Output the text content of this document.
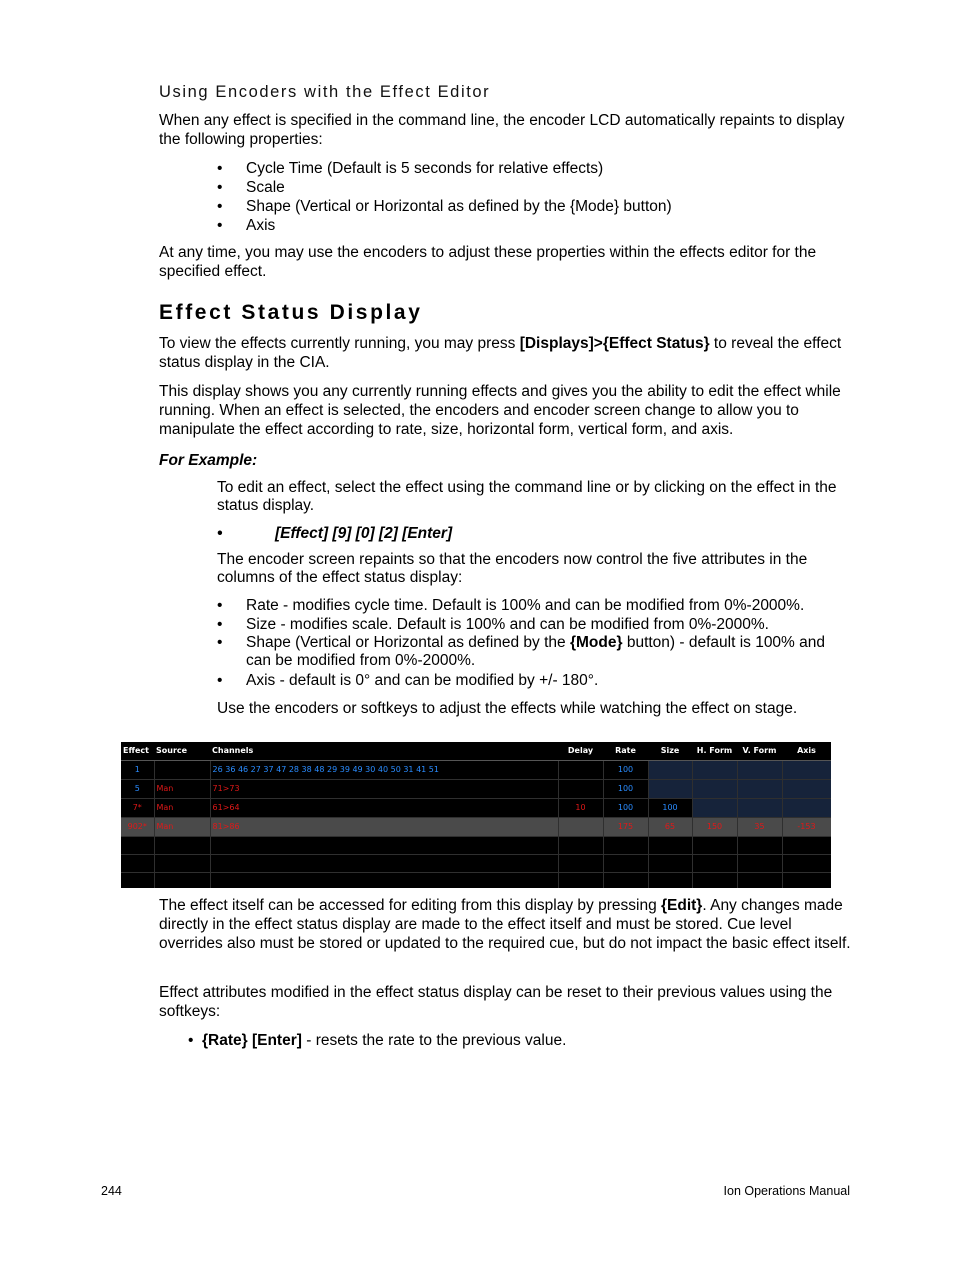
Using Encoders with the Effect Editor
When any effect is specified in the command line, the encoder LCD automatically repaints to display the following properties:
• Cycle Time (Default is 5 seconds for relative effects)
• Scale
• Shape (Vertical or Horizontal as defined by the {Mode} button)
• Axis
At any time, you may use the encoders to adjust these properties within the effects editor for the specified effect.
Effect Status Display
To view the effects currently running, you may press [Displays]>{Effect Status} to reveal the effect status display in the CIA.
This display shows you any currently running effects and gives you the ability to edit the effect while running. When an effect is selected, the encoders and encoder screen change to allow you to manipulate the effect according to rate, size, horizontal form, vertical form, and axis.
For Example:
To edit an effect, select the effect using the command line or by clicking on the effect in the status display.
• [Effect] [9] [0] [2] [Enter]
The encoder screen repaints so that the encoders now control the five attributes in the columns of the effect status display:
• Rate - modifies cycle time. Default is 100% and can be modified from 0%-2000%.
• Size - modifies scale. Default is 100% and can be modified from 0%-2000%.
• Shape (Vertical or Horizontal as defined by the {Mode} button) - default is 100% and can be modified from 0%-2000%.
• Axis - default is 0° and can be modified by +/- 180°.
Use the encoders or softkeys to adjust the effects while watching the effect on stage.
Effect	Source	Channels	Delay	Rate	Size	H. Form	V. Form	Axis
1		26 36 46 27 37 47 28 38 48 29 39 49 30 40 50 31 41 51		100				
5	Man	71>73		100				
7*	Man	61>64	10	100	100			
902*	Man	81>86		175	65	150	35	-153

The effect itself can be accessed for editing from this display by pressing {Edit}. Any changes made directly in the effect status display are made to the effect itself and must be stored. Cue level overrides also must be stored or updated to the required cue, but do not impact the basic effect itself.
Effect attributes modified in the effect status display can be reset to their previous values using the softkeys:
• {Rate} [Enter] - resets the rate to the previous value.
244	Ion Operations Manual
